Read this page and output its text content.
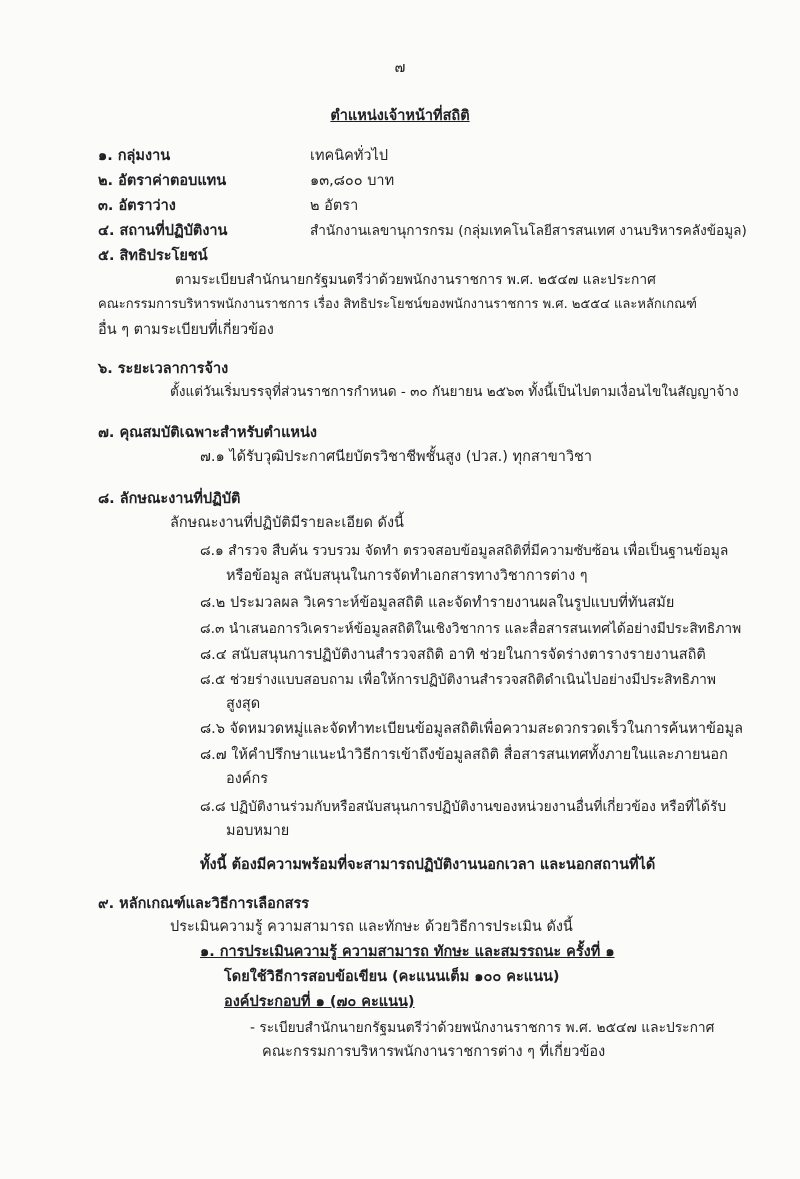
๗
ตำแหน่งเจ้าหน้าที่สถิติ
๑. กลุ่มงาน	เทคนิคทั่วไป
๒. อัตราค่าตอบแทน	๑๓,๘๐๐ บาท
๓. อัตราว่าง	๒ อัตรา
๔. สถานที่ปฏิบัติงาน	สำนักงานเลขานุการกรม (กลุ่มเทคโนโลยีสารสนเทศ งานบริหารคลังข้อมูล)
๕. สิทธิประโยชน์
ตามระเบียบสำนักนายกรัฐมนตรีว่าด้วยพนักงานราชการ พ.ศ. ๒๕๔๗ และประกาศ
คณะกรรมการบริหารพนักงานราชการ เรื่อง สิทธิประโยชน์ของพนักงานราชการ พ.ศ. ๒๕๕๔ และหลักเกณฑ์
อื่น ๆ ตามระเบียบที่เกี่ยวข้อง
๖. ระยะเวลาการจ้าง
ตั้งแต่วันเริ่มบรรจุที่ส่วนราชการกำหนด - ๓๐ กันยายน ๒๕๖๓ ทั้งนี้เป็นไปตามเงื่อนไขในสัญญาจ้าง
๗. คุณสมบัติเฉพาะสำหรับตำแหน่ง
๗.๑ ได้รับวุฒิประกาศนียบัตรวิชาชีพชั้นสูง (ปวส.) ทุกสาขาวิชา
๘. ลักษณะงานที่ปฏิบัติ
ลักษณะงานที่ปฏิบัติมีรายละเอียด ดังนี้
๘.๑ สำรวจ สืบค้น รวบรวม จัดทำ ตรวจสอบข้อมูลสถิติที่มีความซับซ้อน เพื่อเป็นฐานข้อมูล
หรือข้อมูล สนับสนุนในการจัดทำเอกสารทางวิชาการต่าง ๆ
๘.๒ ประมวลผล วิเคราะห์ข้อมูลสถิติ และจัดทำรายงานผลในรูปแบบที่ทันสมัย
๘.๓ นำเสนอการวิเคราะห์ข้อมูลสถิติในเชิงวิชาการ และสื่อสารสนเทศได้อย่างมีประสิทธิภาพ
๘.๔ สนับสนุนการปฏิบัติงานสำรวจสถิติ อาทิ ช่วยในการจัดร่างตารางรายงานสถิติ
๘.๕ ช่วยร่างแบบสอบถาม เพื่อให้การปฏิบัติงานสำรวจสถิติดำเนินไปอย่างมีประสิทธิภาพ
สูงสุด
๘.๖ จัดหมวดหมู่และจัดทำทะเบียนข้อมูลสถิติเพื่อความสะดวกรวดเร็วในการค้นหาข้อมูล
๘.๗ ให้คำปรึกษาแนะนำวิธีการเข้าถึงข้อมูลสถิติ สื่อสารสนเทศทั้งภายในและภายนอก
องค์กร
๘.๘ ปฏิบัติงานร่วมกับหรือสนับสนุนการปฏิบัติงานของหน่วยงานอื่นที่เกี่ยวข้อง หรือที่ได้รับ
มอบหมาย
ทั้งนี้ ต้องมีความพร้อมที่จะสามารถปฏิบัติงานนอกเวลา และนอกสถานที่ได้
๙. หลักเกณฑ์และวิธีการเลือกสรร
ประเมินความรู้ ความสามารถ และทักษะ ด้วยวิธีการประเมิน ดังนี้
๑. การประเมินความรู้ ความสามารถ ทักษะ และสมรรถนะ ครั้งที่ ๑
โดยใช้วิธีการสอบข้อเขียน (คะแนนเต็ม ๑๐๐ คะแนน)
องค์ประกอบที่ ๑ (๗๐ คะแนน)
- ระเบียบสำนักนายกรัฐมนตรีว่าด้วยพนักงานราชการ พ.ศ. ๒๕๔๗ และประกาศ
คณะกรรมการบริหารพนักงานราชการต่าง ๆ ที่เกี่ยวข้อง
